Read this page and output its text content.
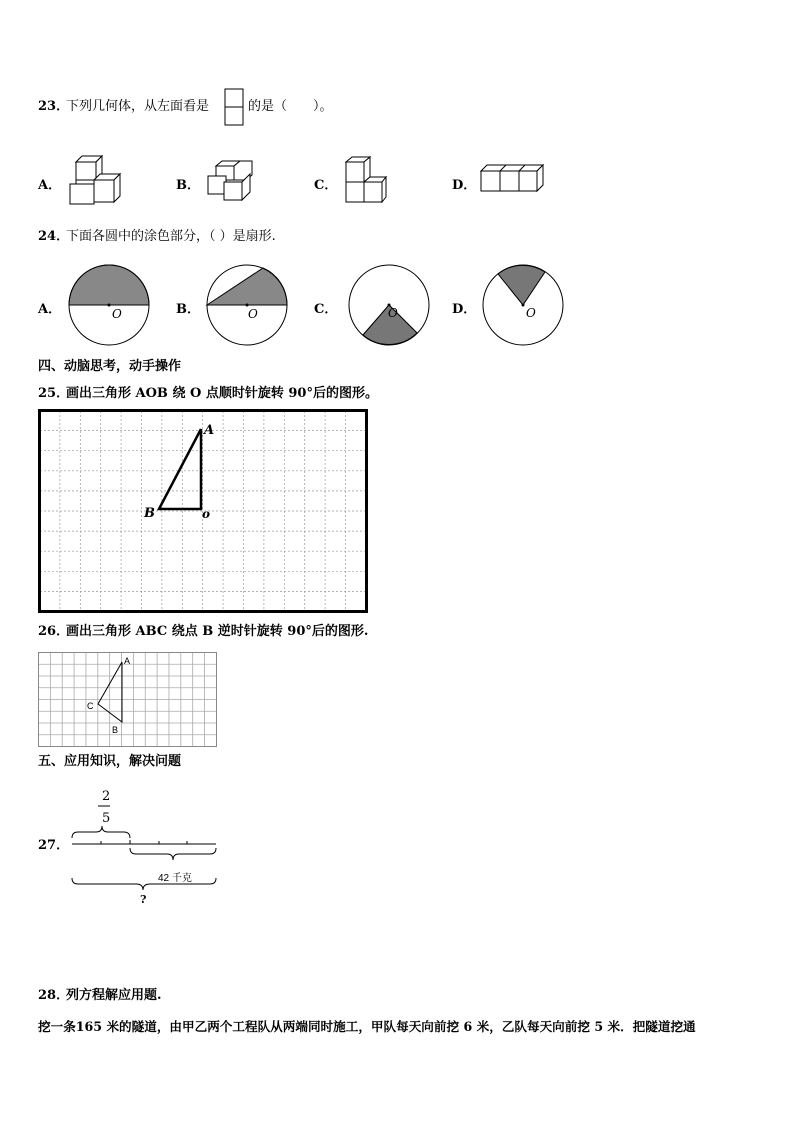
23．
下列几何体，从左面看是	的是（　　）。
A．	B．	C．	D．
24．
下面各圆中的涂色部分，（ ）是扇形.
A．	O	B．	O	C．	O	D．	O
四、动脑思考，动手操作
25．
画出三角形 AOB 绕 O 点顺时针旋转 90°后的图形。
A
B	o
26．
画出三角形 ABC 绕点 B 逆时针旋转 90°后的图形.
A
B
C
五、应用知识，解决问题
27．
2
5
42 千克
?
28．
列方程解应用题.
挖一条165 米的隧道，由甲乙两个工程队从两端同时施工，甲队每天向前挖 6 米，乙队每天向前挖 5 米．把隧道挖通
